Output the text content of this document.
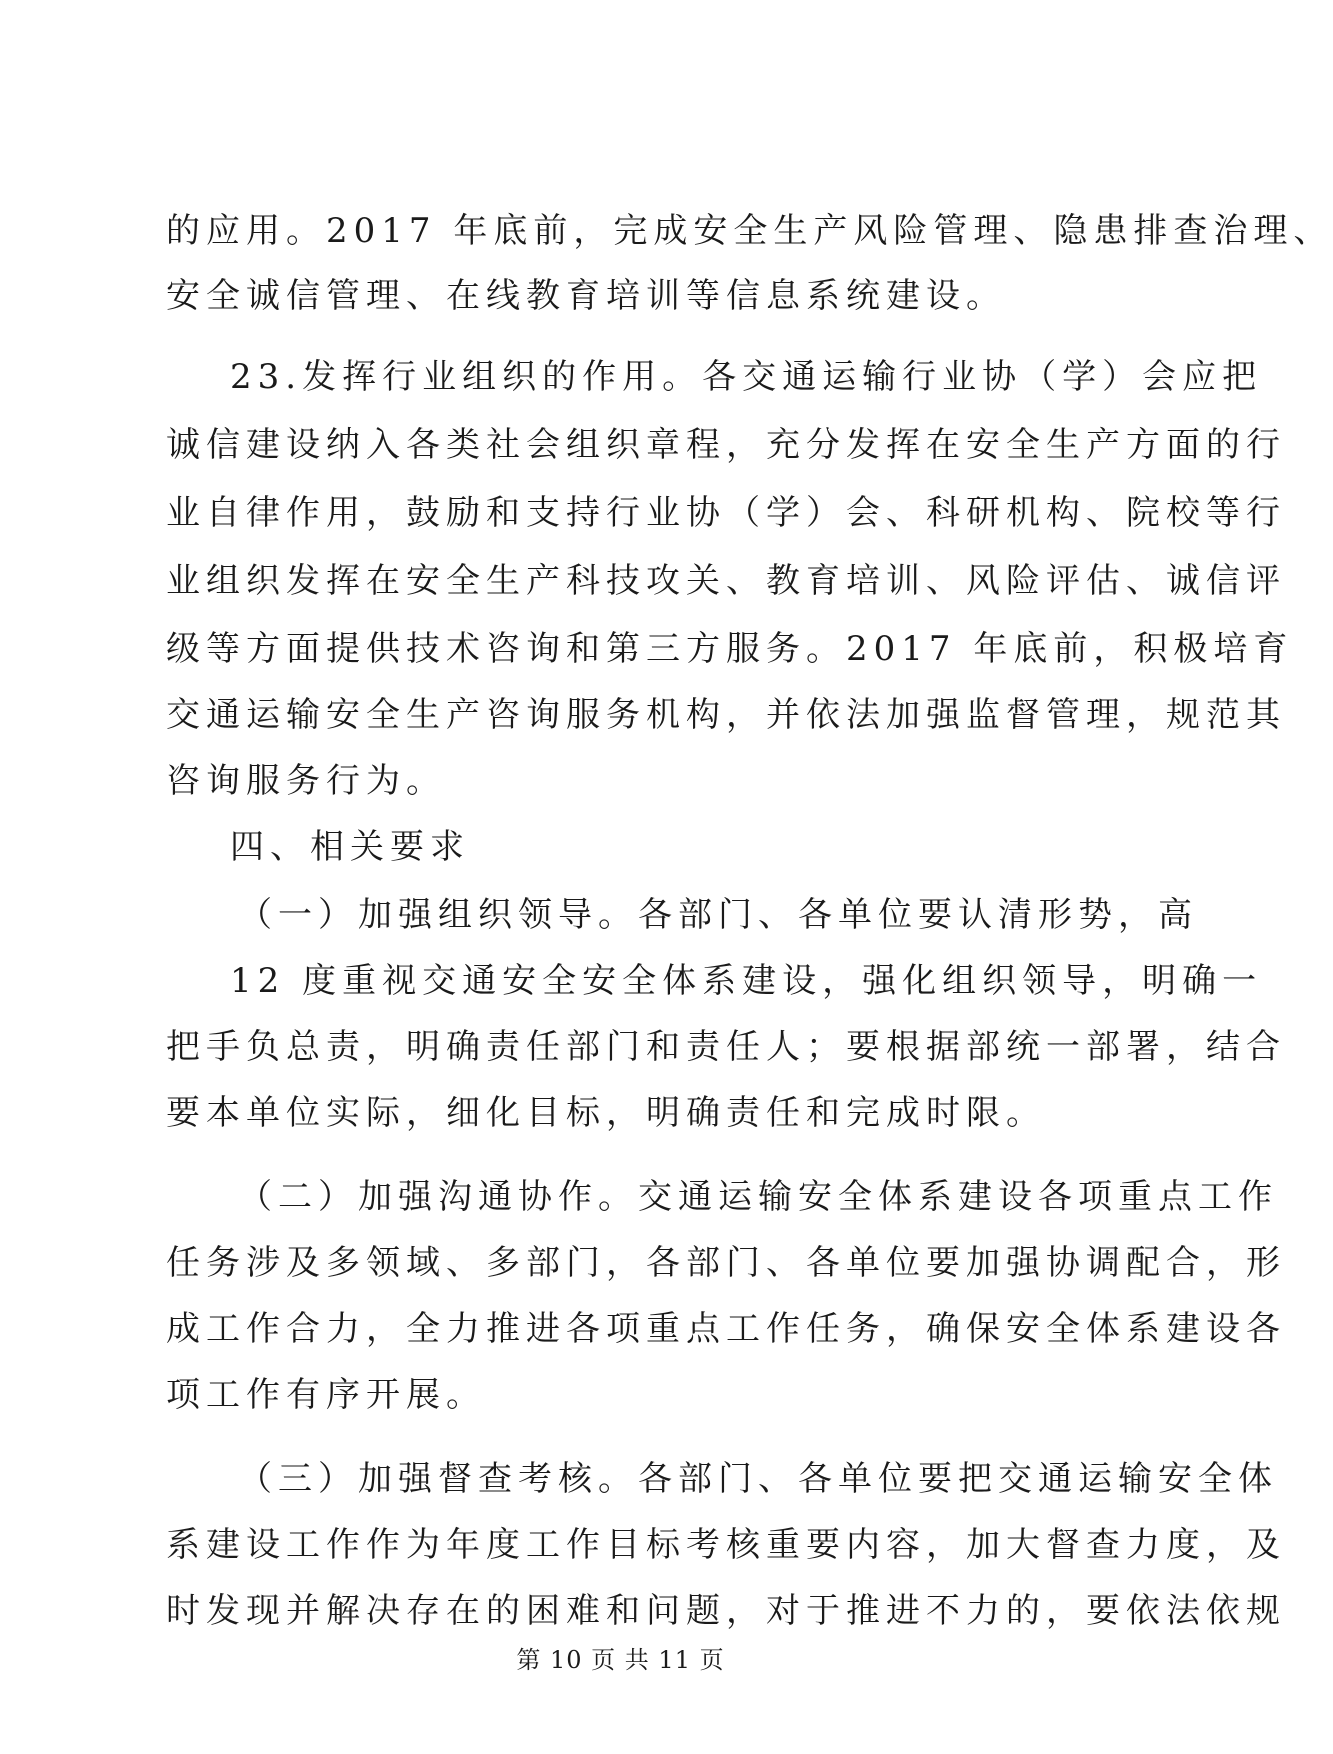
的应用。2017 年底前，完成安全生产风险管理、隐患排查治理、
安全诚信管理、在线教育培训等信息系统建设。
23.发挥行业组织的作用。各交通运输行业协（学）会应把
诚信建设纳入各类社会组织章程，充分发挥在安全生产方面的行
业自律作用，鼓励和支持行业协（学）会、科研机构、院校等行
业组织发挥在安全生产科技攻关、教育培训、风险评估、诚信评
级等方面提供技术咨询和第三方服务。2017 年底前，积极培育
交通运输安全生产咨询服务机构，并依法加强监督管理，规范其
咨询服务行为。
四、相关要求
（一）加强组织领导。各部门、各单位要认清形势，高
12 度重视交通安全安全体系建设，强化组织领导，明确一
把手负总责，明确责任部门和责任人；要根据部统一部署，结合
要本单位实际，细化目标，明确责任和完成时限。
（二）加强沟通协作。交通运输安全体系建设各项重点工作
任务涉及多领域、多部门，各部门、各单位要加强协调配合，形
成工作合力，全力推进各项重点工作任务，确保安全体系建设各
项工作有序开展。
（三）加强督查考核。各部门、各单位要把交通运输安全体
系建设工作作为年度工作目标考核重要内容，加大督查力度，及
时发现并解决存在的困难和问题，对于推进不力的，要依法依规
第 10 页 共 11 页
